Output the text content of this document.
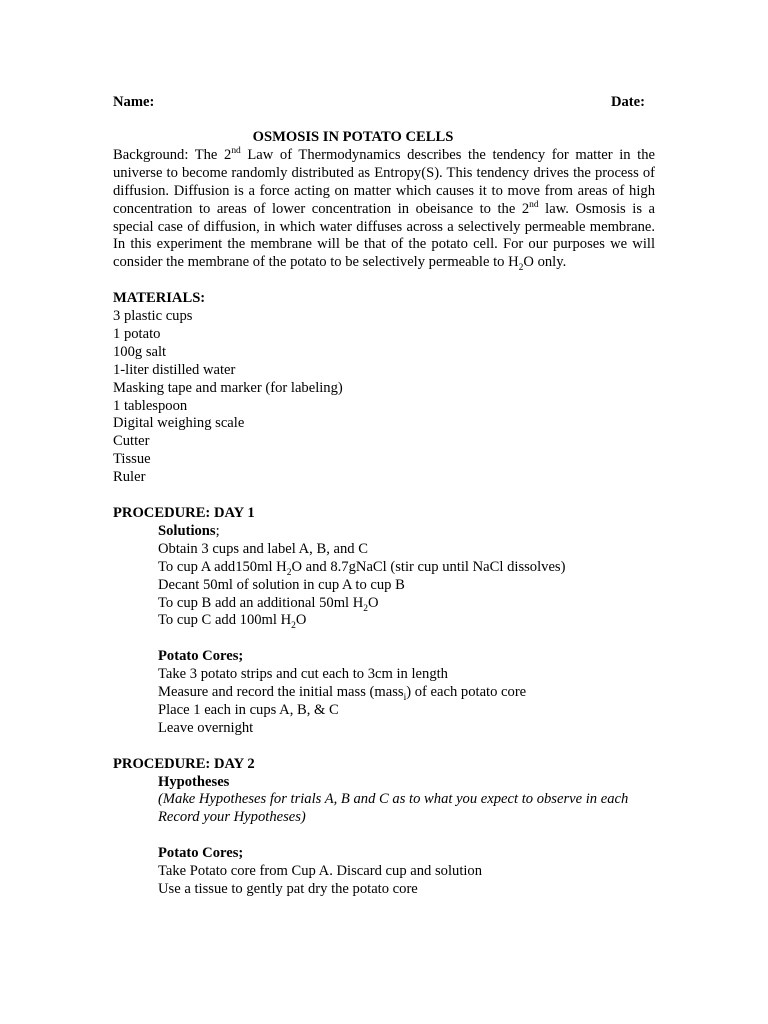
Name:	Date:
OSMOSIS IN POTATO CELLS

Background: The 2nd Law of Thermodynamics describes the tendency for matter in the universe to become randomly distributed as Entropy(S). This tendency drives the process of diffusion. Diffusion is a force acting on matter which causes it to move from areas of high concentration to areas of lower concentration in obeisance to the 2nd law. Osmosis is a special case of diffusion, in which water diffuses across a selectively permeable membrane. In this experiment the membrane will be that of the potato cell. For our purposes we will consider the membrane of the potato to be selectively permeable to $H_2O$ only.

MATERIALS:
3 plastic cups
1 potato
100g salt
1-liter distilled water
Masking tape and marker (for labeling)
1 tablespoon
Digital weighing scale
Cutter
Tissue
Ruler
PROCEDURE: DAY 1
Solutions;
Obtain 3 cups and label A, B, and C
To cup A add150ml $H_2O$ and 8.7gNaCl (stir cup until NaCl dissolves)
Decant 50ml of solution in cup A to cup B
To cup B add an additional 50ml $H_2O$
To cup C add 100ml $H_2O$
Potato Cores;
Take 3 potato strips and cut each to 3cm in length
Measure and record the initial mass (mass$_i$) of each potato core
Place 1 each in cups A, B, & C
Leave overnight
PROCEDURE: DAY 2
Hypotheses
(Make Hypotheses for trials A, B and C as to what you expect to observe in each
Record your Hypotheses)
Potato Cores;
Take Potato core from Cup A. Discard cup and solution
Use a tissue to gently pat dry the potato core
